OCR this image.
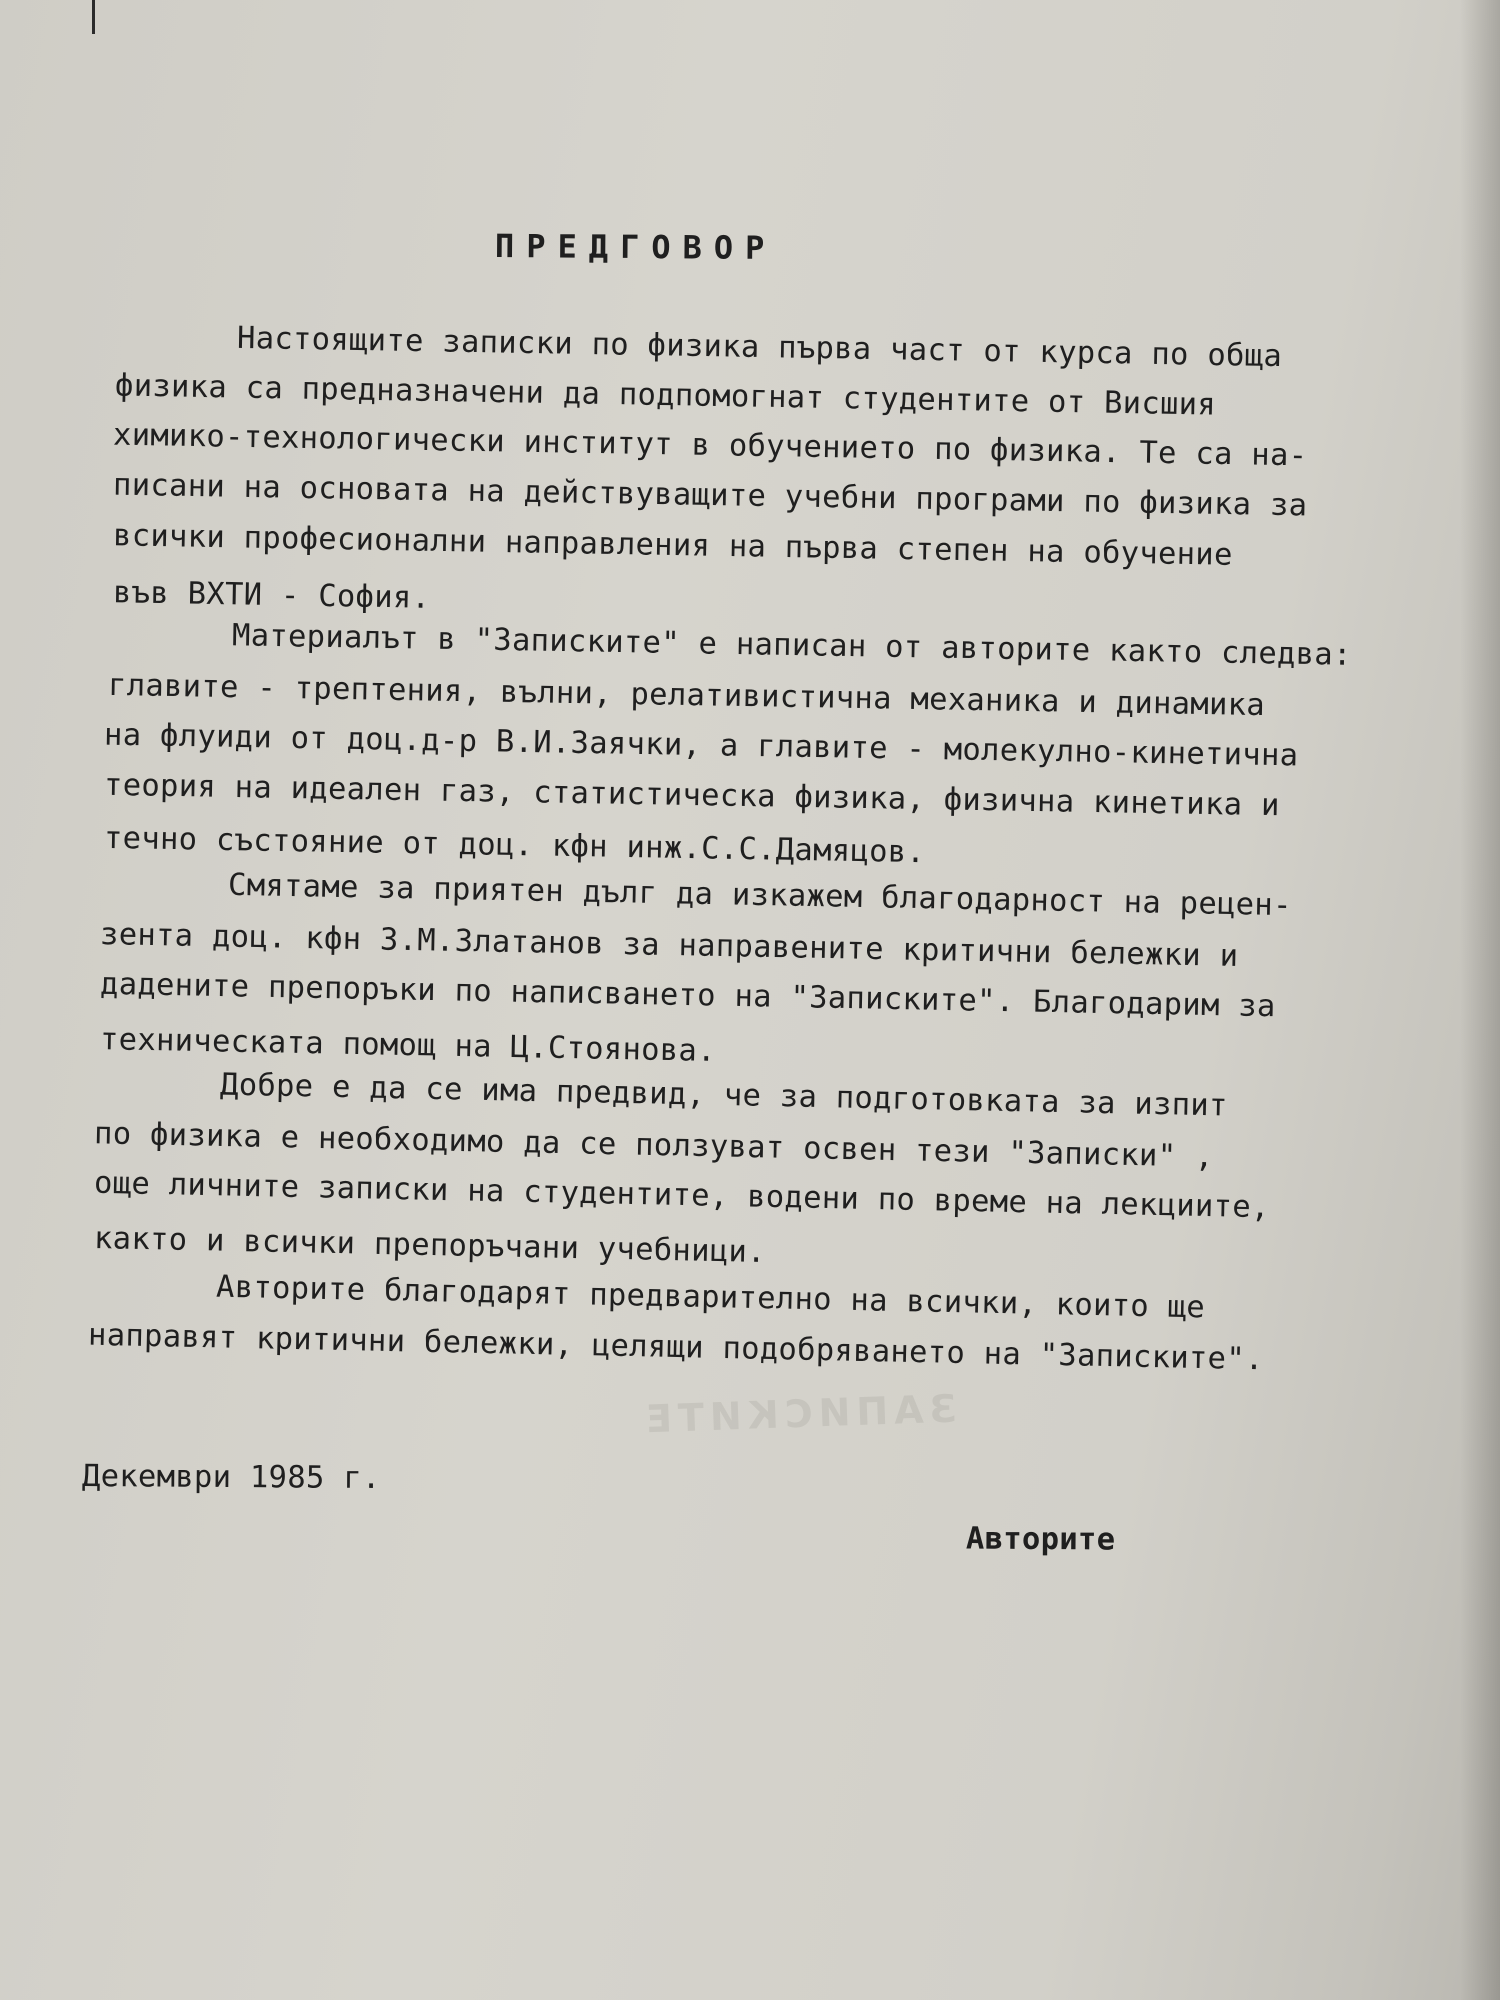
ЗАПИСКИТЕ
ПРЕДГОВОР
Настоящите записки по физика първа част от курса по обща
физика са предназначени да подпомогнат студентите от Висшия
химико-технологически институт в обучението по физика. Те са на-
писани на основата на действуващите учебни програми по физика за
всички професионални направления на първа степен на обучение
във ВХТИ - София.
Материалът в "Записките" е написан от авторите както следва:
главите - трептения, вълни, релативистична механика и динамика
на флуиди от доц.д-р В.И.Заячки, а главите - молекулно-кинетична
теория на идеален газ, статистическа физика, физична кинетика и
течно състояние от доц. кфн инж.С.С.Дамяцов.
Смятаме за приятен дълг да изкажем благодарност на рецен-
зента доц. кфн З.М.Златанов за направените критични бележки и
дадените препоръки по написването на "Записките". Благодарим за
техническата помощ на Ц.Стоянова.
Добре е да се има предвид, че за подготовката за изпит
по физика е необходимо да се ползуват освен тези "Записки" ,
още личните записки на студентите, водени по време на лекциите,
както и всички препоръчани учебници.
Авторите благодарят предварително на всички, които ще
направят критични бележки, целящи подобряването на "Записките".
Декември 1985 г.
Авторите
